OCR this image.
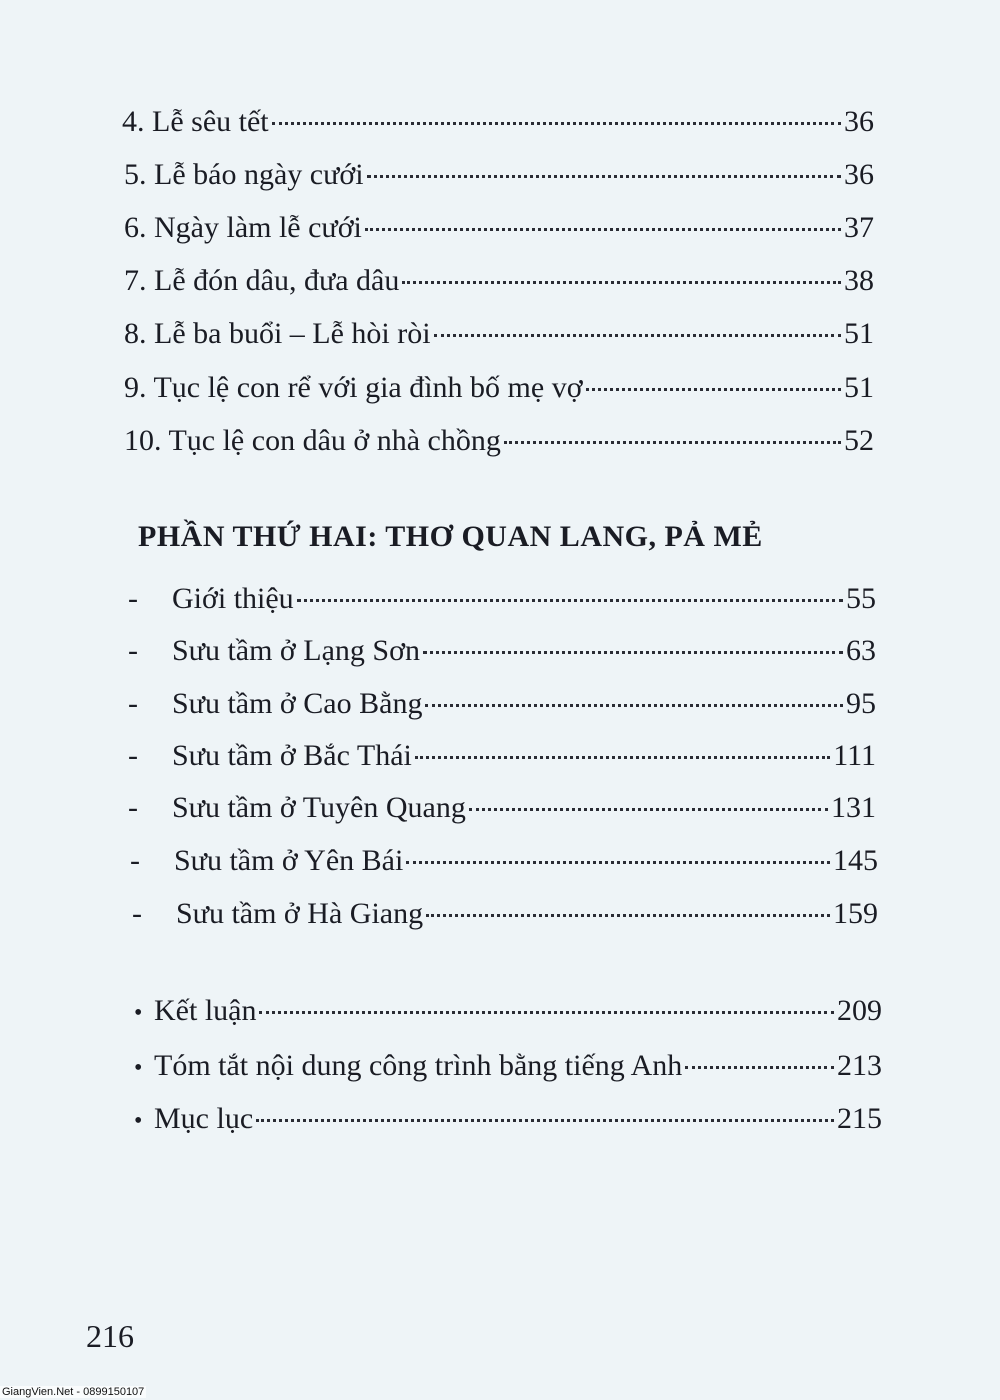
4. Lễ sêu tết	36
5. Lễ báo ngày cưới	36
6. Ngày làm lễ cưới	37
7. Lễ đón dâu, đưa dâu	38
8. Lễ ba buổi – Lễ hòi ròi	51
9. Tục lệ con rể với gia đình bố mẹ vợ	51
10. Tục lệ con dâu ở nhà chồng	52
PHẦN THỨ HAI: THƠ QUAN LANG, PẢ MẺ
-	Giới thiệu	55
-	Sưu tầm ở Lạng Sơn	63
-	Sưu tầm ở Cao Bằng	95
-	Sưu tầm ở Bắc Thái	111
-	Sưu tầm ở Tuyên Quang	131
-	Sưu tầm ở Yên Bái	145
-	Sưu tầm ở Hà Giang	159
• Kết luận	209
• Tóm tắt nội dung công trình bằng tiếng Anh	213
• Mục lục	215
216
GiangVien.Net - 0899150107
